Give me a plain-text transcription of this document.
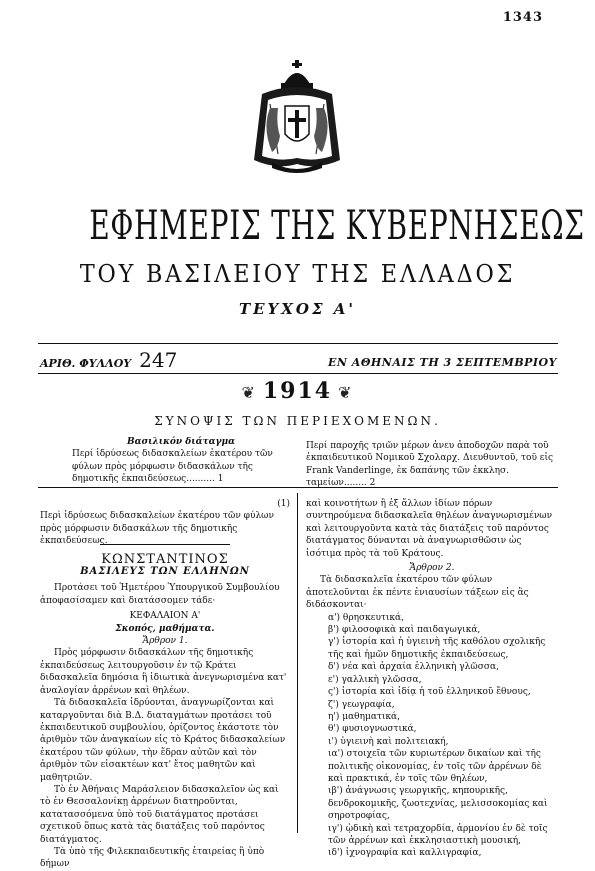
1343
ΕΦΗΜΕΡΙΣ ΤΗΣ ΚΥΒΕΡΝΗΣΕΩΣ
ΤΟΥ ΒΑΣΙΛΕΙΟΥ ΤΗΣ ΕΛΛΑΔΟΣ
ΤΕΥΧΟΣ Α'
ΑΡΙΘ. ΦΥΛΛΟΥ 247	ΕΝ ΑΘΗΝΑΙΣ ΤΗ 3 ΣΕΠΤΕΜΒΡΙΟΥ
❦ 1914 ❦
ΣΥΝΟΨΙΣ ΤΩΝ ΠΕΡΙΕΧΟΜΕΝΩΝ.
Βασιλικόν διάταγμα
Περί ἱδρύσεως διδασκαλείων ἑκατέρου τῶν φύλων πρὸς μόρφωσιν διδασκάλων τῆς δημοτικῆς ἐκπαιδεύσεως.......... 1
Περί παροχῆς τριῶν μέρων ἀνευ ἀποδοχῶν παρὰ τοῦ ἐκπαιδευτικοῦ Νομικοῦ Σχολαρχ. Διευθυντοῦ, τοῦ εἰς Frank Vanderlinge, ἐκ δαπάνης τῶν ἐκκλησ. ταμείων........ 2
(1)
Περὶ ἱδρύσεως διδασκαλείων ἑκατέρου τῶν φύλων πρὸς μόρφωσιν διδασκάλων τῆς δημοτικῆς ἐκπαιδεύσεως.
ΚΩΝΣΤΑΝΤΙΝΟΣ
ΒΑΣΙΛΕΥΣ ΤΩΝ ΕΛΛΗΝΩΝ

Προτάσει τοῦ Ἡμετέρου Ὑπουργικοῦ Συμβουλίου ἀποφασίσαμεν καὶ διατάσσομεν τάδε·

ΚΕΦΑΛΑΙΟΝ Α'
Σκοπός, μαθήματα.
Ἄρθρον 1.

Πρὸς μόρφωσιν διδασκάλων τῆς δημοτικῆς ἐκπαιδεύσεως λειτουργοῦσιν ἐν τῷ Κράτει διδασκαλεῖα δημόσια ἢ ἰδιωτικὰ ἀνεγνωρισμένα κατ' ἀναλογίαν ἀρρένων καὶ θηλέων.

Τὰ διδασκαλεῖα ἱδρύονται, ἀναγνωρίζονται καὶ καταργοῦνται διὰ Β.Δ. διαταγμάτων προτάσει τοῦ ἐκπαιδευτικοῦ συμβουλίου, ὁρίζοντος ἑκάστοτε τὸν ἀριθμὸν τῶν ἀναγκαίων εἰς τὸ Κράτος διδασκαλείων ἑκατέρου τῶν φύλων, τὴν ἕδραν αὐτῶν καὶ τὸν ἀριθμὸν τῶν εἰσακτέων κατ' ἔτος μαθητῶν καὶ μαθητριῶν.

Τὸ ἐν Ἀθήναις Μαράσλειον διδασκαλεῖον ὡς καὶ τὸ ἐν Θεσσαλονίκῃ ἀρρένων διατηροῦνται, κατατασσόμενα ὑπὸ τοῦ διατάγματος προτάσει σχετικοῦ ὅπως κατὰ τὰς διατάξεις τοῦ παρόντος διατάγματος.

Τὰ ὑπὸ τῆς Φιλεκπαιδευτικῆς ἑταιρείας ἢ ὑπὸ δήμων

καὶ κοινοτήτων ἢ ἐξ ἄλλων ἰδίων πόρων συντηρούμενα διδασκαλεῖα θηλέων ἀναγνωρισμένων καὶ λειτουργοῦντα κατὰ τὰς διατάξεις τοῦ παρόντος διατάγματος δύνανται νὰ ἀναγνωρισθῶσιν ὡς ἰσότιμα πρὸς τὰ τοῦ Κράτους.
Ἄρθρον 2.

Τὰ διδασκαλεῖα ἑκατέρου τῶν φύλων ἀποτελοῦνται ἐκ πέντε ἐνιαυσίων τάξεων εἰς ἃς διδάσκονται·

α') θρησκευτικά,

β') φιλοσοφικὰ καὶ παιδαγωγικά,

γ') ἱστορία καὶ ἡ ὑγιεινὴ τῆς καθόλου σχολικῆς τῆς καὶ ἡμῶν δημοτικῆς ἐκπαιδεύσεως,

δ') νέα καὶ ἀρχαία ἑλληνικὴ γλῶσσα,

ε') γαλλικὴ γλῶσσα,

ς') ἱστορία καὶ ἰδίᾳ ἡ τοῦ ἑλληνικοῦ ἔθνους,

ζ') γεωγραφία,

η') μαθηματικά,

θ') φυσιογνωστικά,

ι') ὑγιεινὴ καὶ πολιτειακή,

ια') στοιχεῖα τῶν κυριωτέρων δικαίων καὶ τῆς πολιτικῆς οἰκονομίας, ἐν τοῖς τῶν ἀρρένων δὲ καὶ πρακτικά, ἐν τοῖς τῶν θηλέων,

ιβ') ἀνάγνωσις γεωργικῆς, κηπουρικῆς, δενδροκομικῆς, ζωοτεχνίας, μελισσοκομίας καὶ σηροτροφίας,

ιγ') ᾠδικὴ καὶ τετραχορδία, ἁρμονίου ἐν δὲ τοῖς τῶν ἀρρένων καὶ ἐκκλησιαστικὴ μουσική,

ιδ') ἰχνογραφία καὶ καλλιγραφία,
